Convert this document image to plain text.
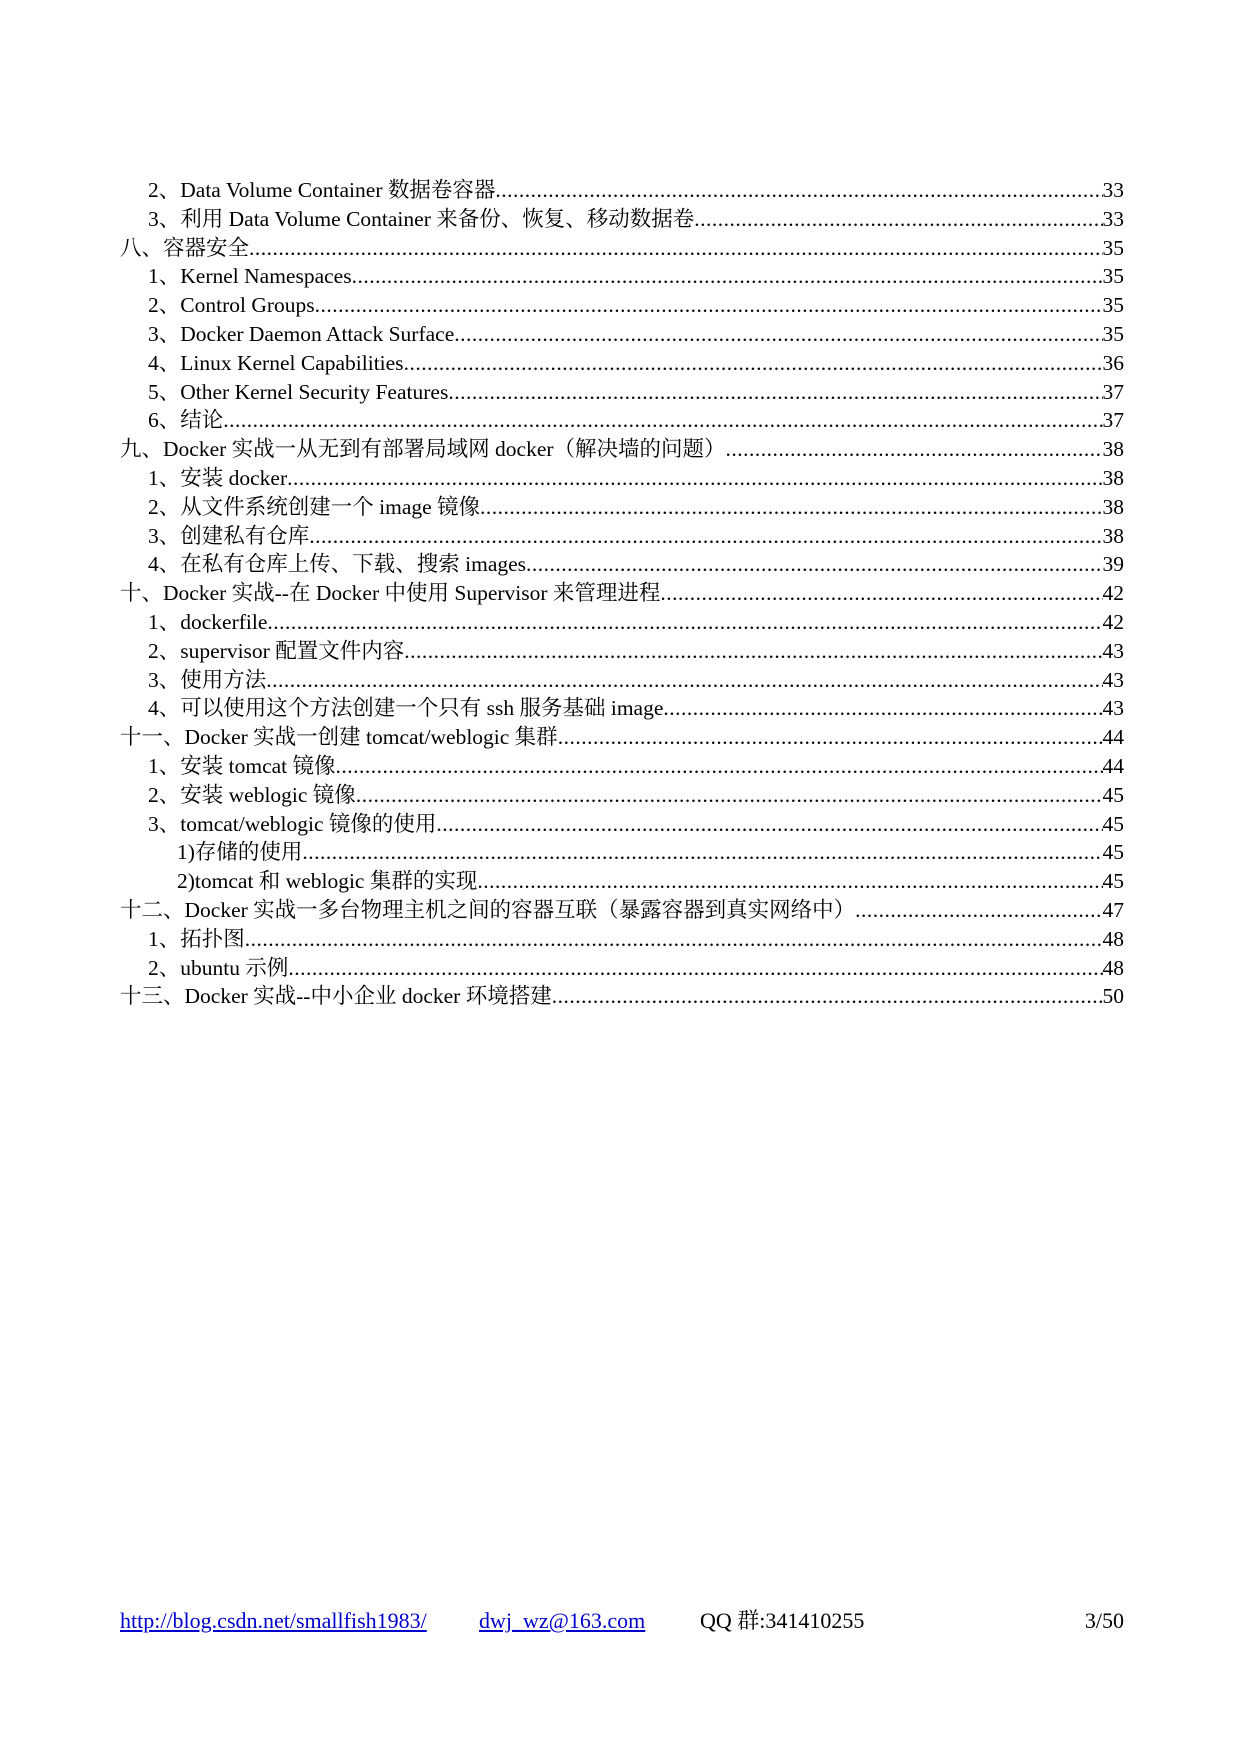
2、Data Volume Container 数据卷容器 .....	33
3、利用 Data Volume Container 来备份、恢复、移动数据卷 .....	33
八、容器安全 .....	35
1、Kernel Namespaces .....	35
2、Control Groups .....	35
3、Docker Daemon Attack Surface .....	35
4、Linux Kernel Capabilities .....	36
5、Other Kernel Security Features .....	37
6、结论 .....	37
九、Docker 实战一从无到有部署局域网 docker（解决墙的问题） .....	38
1、安装 docker .....	38
2、从文件系统创建一个 image 镜像 .....	38
3、创建私有仓库 .....	38
4、在私有仓库上传、下载、搜索 images .....	39
十、Docker 实战--在 Docker 中使用 Supervisor 来管理进程 .....	42
1、dockerfile .....	42
2、supervisor 配置文件内容 .....	43
3、使用方法 .....	43
4、可以使用这个方法创建一个只有 ssh 服务基础 image .....	43
十一、Docker 实战一创建 tomcat/weblogic 集群 .....	44
1、安装 tomcat 镜像 .....	44
2、安装 weblogic 镜像 .....	45
3、tomcat/weblogic 镜像的使用 .....	45
1)存储的使用 .....	45
2)tomcat 和 weblogic 集群的实现 .....	45
十二、Docker 实战一多台物理主机之间的容器互联（暴露容器到真实网络中） .....	47
1、拓扑图 .....	48
2、ubuntu 示例 .....	48
十三、Docker 实战--中小企业 docker 环境搭建 .....	50
http://blog.csdn.net/smallfish1983/ dwj_wz@163.com QQ 群:341410255	3/50
